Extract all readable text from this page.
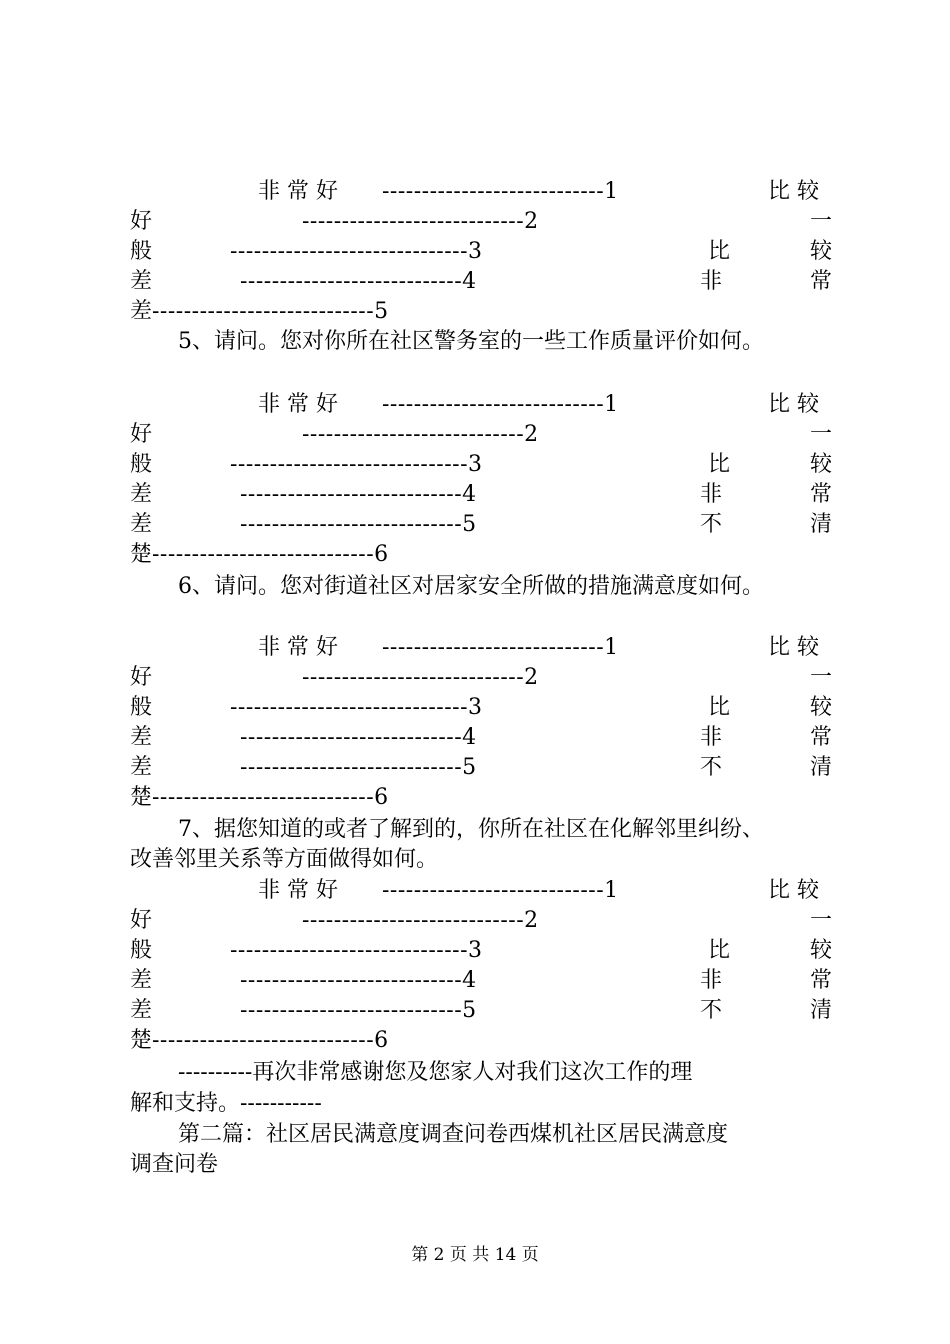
非 常 好

----------------------------1

	比 较

好

	----------------------------2

	一

般

	------------------------------3

	比

	较

差

	----------------------------4

	非

	常

差

----------------------------5

5、请问。您对你所在社区警务室的一些工作质量评价如何。

非 常 好

----------------------------1

	比 较

好

	----------------------------2

	一

般

	------------------------------3

	比

	较

差

	----------------------------4

	非

	常

差

	----------------------------5

	不

	清

楚

----------------------------6

6、请问。您对街道社区对居家安全所做的措施满意度如何。

非 常 好

----------------------------1

	比 较

好

	----------------------------2

	一

般

	------------------------------3

	比

	较

差

	----------------------------4

	非

	常

差

	----------------------------5

	不

	清

楚

----------------------------6

7、据您知道的或者了解到的，你所在社区在化解邻里纠纷、
改善邻里关系等方面做得如何。

非 常 好

----------------------------1

	比 较

好

	----------------------------2

	一

般

	------------------------------3

	比

	较

差

	----------------------------4

	非

	常

差

	----------------------------5

	不

	清

楚

----------------------------6

----------再次非常感谢您及您家人对我们这次工作的理
解和支持。-----------
第二篇：社区居民满意度调查问卷西煤机社区居民满意度
调查问卷
第 2 页 共 14 页
